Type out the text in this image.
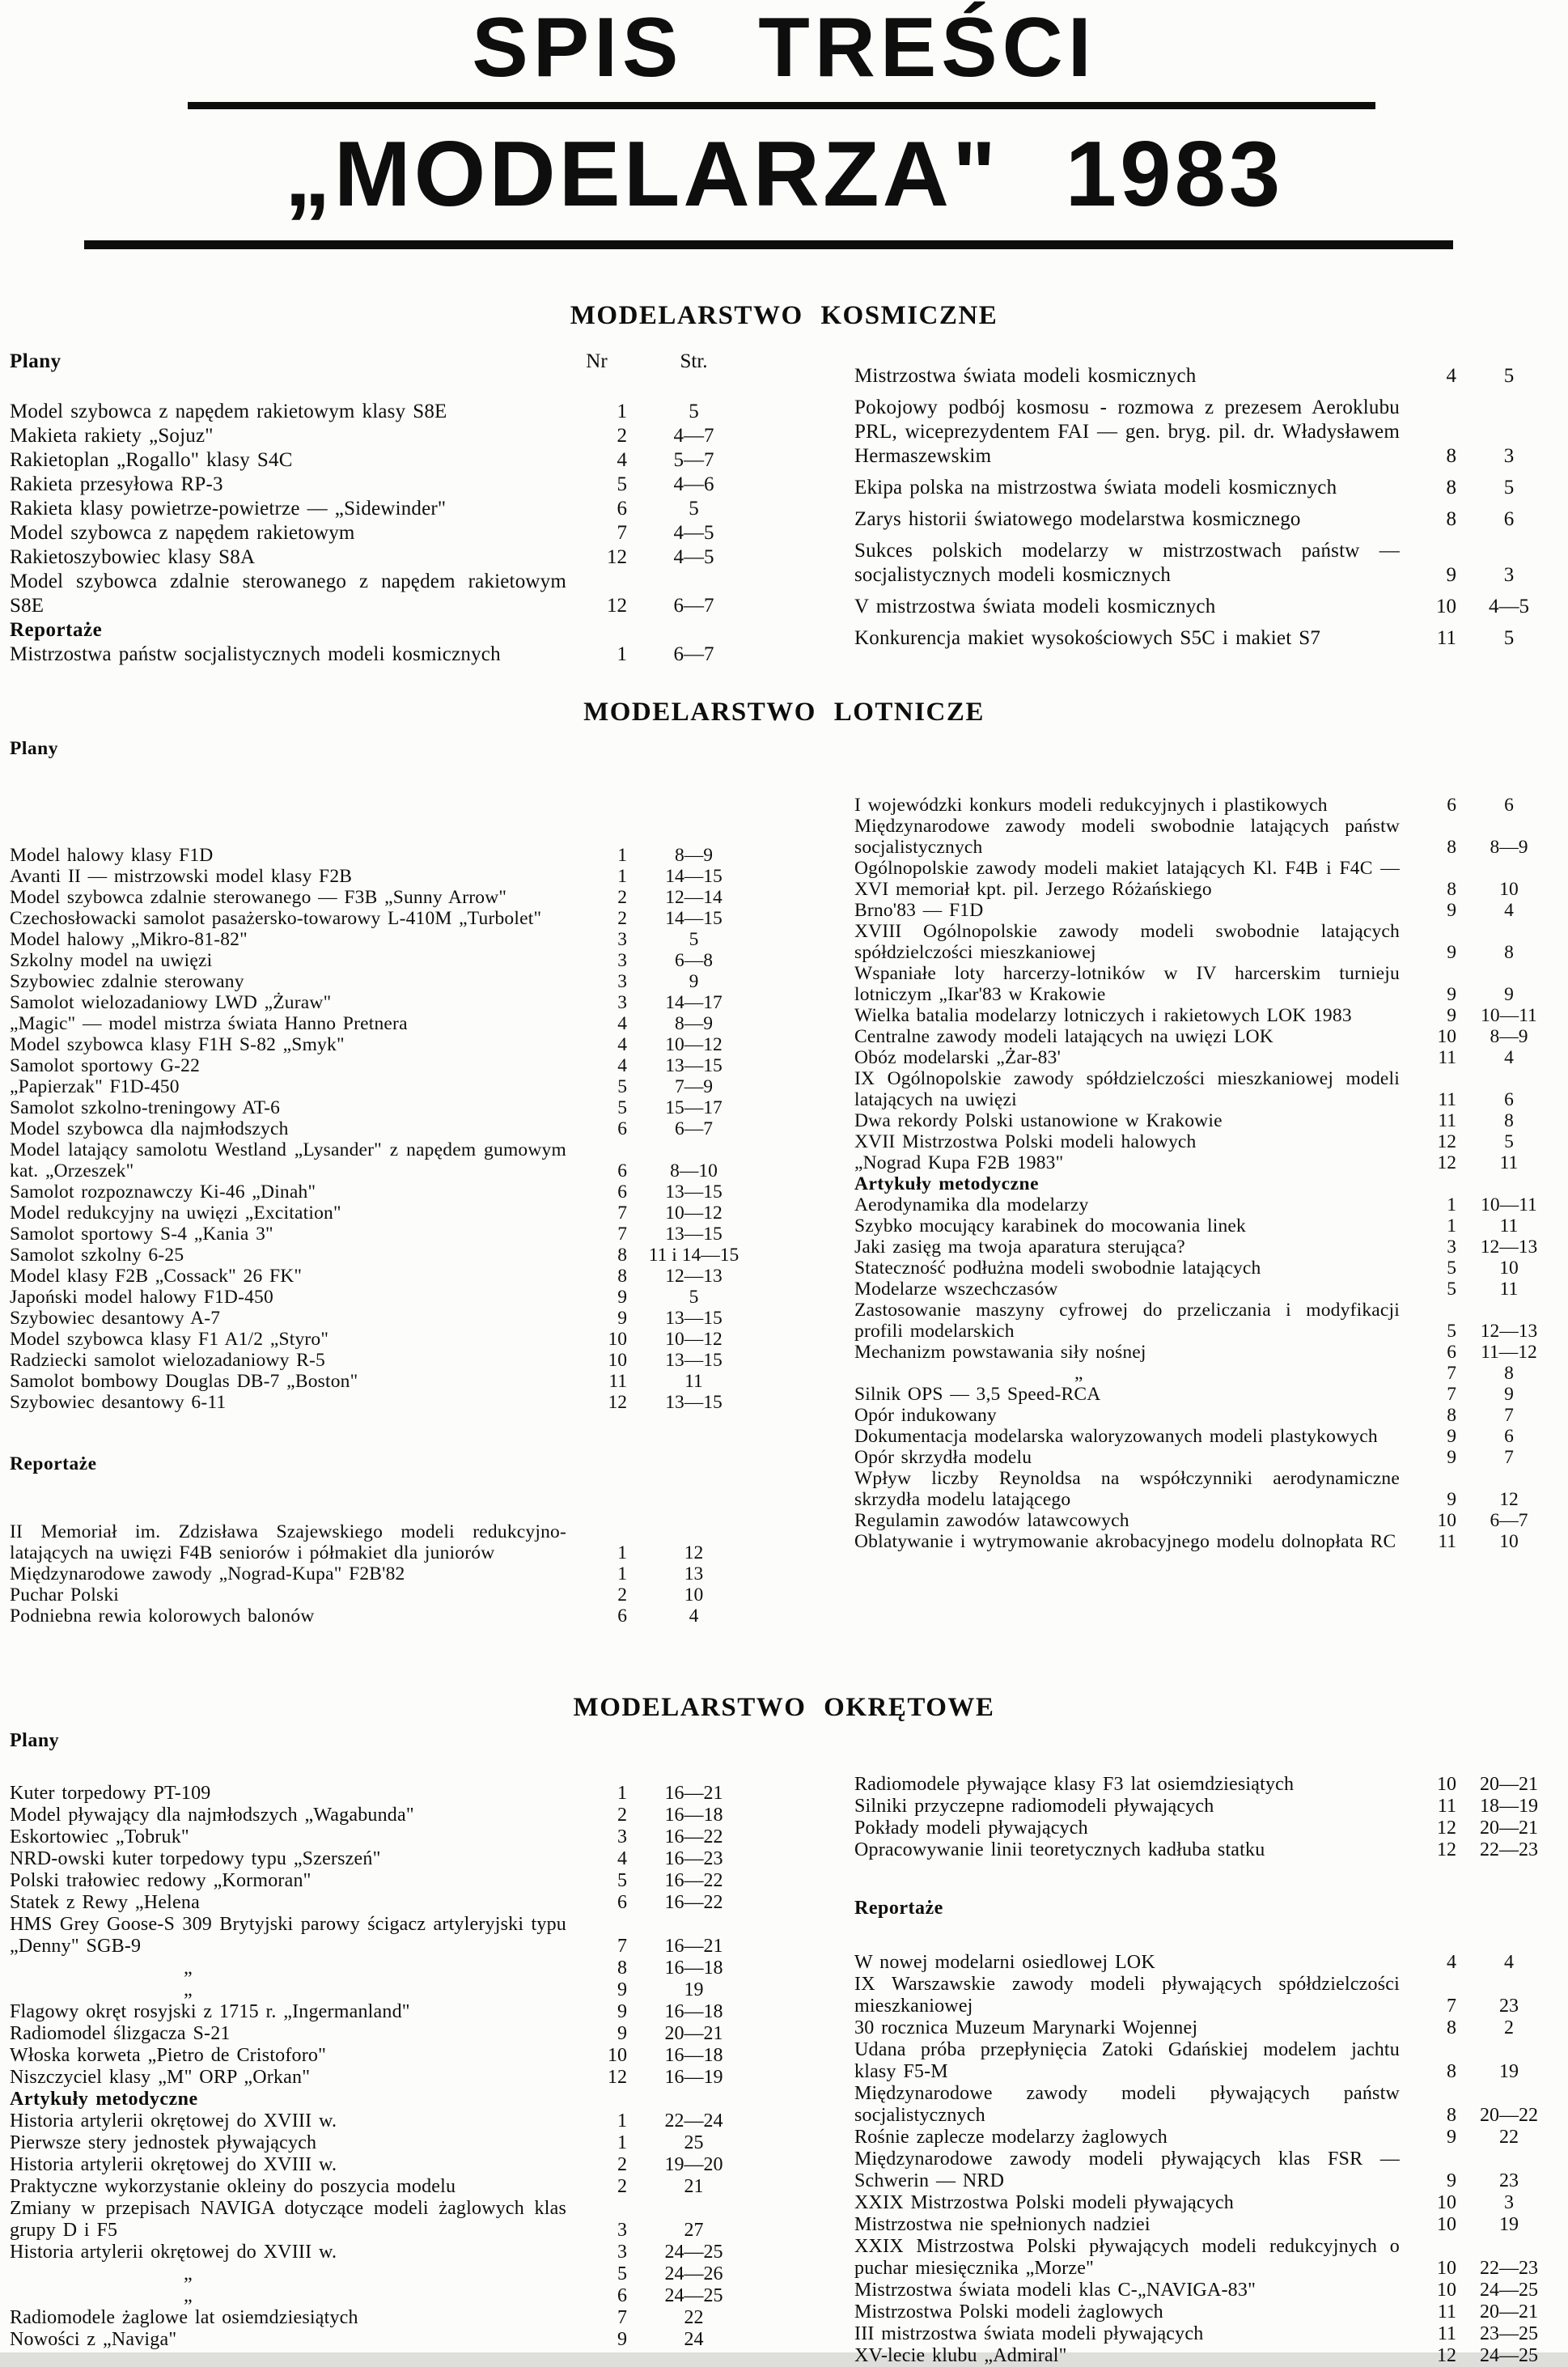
SPIS TREŚCI
„MODELARZA" 1983
MODELARSTWO KOSMICZNE
Plany	Nr	Str.
Model szybowca z napędem rakietowym klasy S8E	1	5
Makieta rakiety „Sojuz"	2	4—7
Rakietoplan „Rogallo" klasy S4C	4	5—7
Rakieta przesyłowa RP-3	5	4—6
Rakieta klasy powietrze-powietrze — „Sidewinder"	6	5
Model szybowca z napędem rakietowym	7	4—5
Rakietoszybowiec klasy S8A	12	4—5
Model szybowca zdalnie sterowanego z napędem rakietowym S8E	12	6—7
Reportaże
Mistrzostwa państw socjalistycznych modeli kosmicznych	1	6—7
Mistrzostwa świata modeli kosmicznych	4	5
Pokojowy podbój kosmosu - rozmowa z prezesem Aeroklubu PRL, wiceprezydentem FAI — gen. bryg. pil. dr. Władysławem Hermaszewskim	8	3
Ekipa polska na mistrzostwa świata modeli kosmicznych	8	5
Zarys historii światowego modelarstwa kosmicznego	8	6
Sukces polskich modelarzy w mistrzostwach państw — socjalistycznych modeli kosmicznych	9	3
V mistrzostwa świata modeli kosmicznych	10	4—5
Konkurencja makiet wysokościowych S5C i makiet S7	11	5
MODELARSTWO LOTNICZE
Plany
Model halowy klasy F1D	1	8—9
Avanti II — mistrzowski model klasy F2B	1	14—15
Model szybowca zdalnie sterowanego — F3B „Sunny Arrow"	2	12—14
Czechosłowacki samolot pasażersko-towarowy L-410M „Turbolet"	2	14—15
Model halowy „Mikro-81-82"	3	5
Szkolny model na uwięzi	3	6—8
Szybowiec zdalnie sterowany	3	9
Samolot wielozadaniowy LWD „Żuraw"	3	14—17
„Magic" — model mistrza świata Hanno Pretnera	4	8—9
Model szybowca klasy F1H S-82 „Smyk"	4	10—12
Samolot sportowy G-22	4	13—15
„Papierzak" F1D-450	5	7—9
Samolot szkolno-treningowy AT-6	5	15—17
Model szybowca dla najmłodszych	6	6—7
Model latający samolotu Westland „Lysander" z napędem gumowym kat. „Orzeszek"	6	8—10
Samolot rozpoznawczy Ki-46 „Dinah"	6	13—15
Model redukcyjny na uwięzi „Excitation"	7	10—12
Samolot sportowy S-4 „Kania 3"	7	13—15
Samolot szkolny 6-25	8	11 i 14—15
Model klasy F2B „Cossack" 26 FK"	8	12—13
Japoński model halowy F1D-450	9	5
Szybowiec desantowy A-7	9	13—15
Model szybowca klasy F1 A1/2 „Styro"	10	10—12
Radziecki samolot wielozadaniowy R-5	10	13—15
Samolot bombowy Douglas DB-7 „Boston"	11	11
Szybowiec desantowy 6-11	12	13—15
Reportaże
II Memoriał im. Zdzisława Szajewskiego modeli redukcyjno-latających na uwięzi F4B seniorów i półmakiet dla juniorów	1	12
Międzynarodowe zawody „Nograd-Kupa" F2B'82	1	13
Puchar Polski	2	10
Podniebna rewia kolorowych balonów	6	4
I wojewódzki konkurs modeli redukcyjnych i plastikowych	6	6
Międzynarodowe zawody modeli swobodnie latających państw socjalistycznych	8	8—9
Ogólnopolskie zawody modeli makiet latających Kl. F4B i F4C — XVI memoriał kpt. pil. Jerzego Różańskiego	8	10
Brno'83 — F1D	9	4
XVIII Ogólnopolskie zawody modeli swobodnie latających spółdzielczości mieszkaniowej	9	8
Wspaniałe loty harcerzy-lotników w IV harcerskim turnieju lotniczym „Ikar'83 w Krakowie	9	9
Wielka batalia modelarzy lotniczych i rakietowych LOK 1983	9	10—11
Centralne zawody modeli latających na uwięzi LOK	10	8—9
Obóz modelarski „Żar-83'	11	4
IX Ogólnopolskie zawody spółdzielczości mieszkaniowej modeli latających na uwięzi	11	6
Dwa rekordy Polski ustanowione w Krakowie	11	8
XVII Mistrzostwa Polski modeli halowych	12	5
„Nograd Kupa F2B 1983"	12	11
Artykuły metodyczne
Aerodynamika dla modelarzy	1	10—11
Szybko mocujący karabinek do mocowania linek	1	11
Jaki zasięg ma twoja aparatura sterująca?	3	12—13
Stateczność podłużna modeli swobodnie latających	5	10
Modelarze wszechczasów	5	11
Zastosowanie maszyny cyfrowej do przeliczania i modyfikacji profili modelarskich	5	12—13
Mechanizm powstawania siły nośnej	6	11—12
„	7	8
Silnik OPS — 3,5 Speed-RCA	7	9
Opór indukowany	8	7
Dokumentacja modelarska waloryzowanych modeli plastykowych	9	6
Opór skrzydła modelu	9	7
Wpływ liczby Reynoldsa na współczynniki aerodynamiczne skrzydła modelu latającego	9	12
Regulamin zawodów latawcowych	10	6—7
Oblatywanie i wytrymowanie akrobacyjnego modelu dolnopłata RC	11	10
MODELARSTWO OKRĘTOWE
Plany
Kuter torpedowy PT-109	1	16—21
Model pływający dla najmłodszych „Wagabunda"	2	16—18
Eskortowiec „Tobruk"	3	16—22
NRD-owski kuter torpedowy typu „Szerszeń"	4	16—23
Polski trałowiec redowy „Kormoran"	5	16—22
Statek z Rewy „Helena	6	16—22
HMS Grey Goose-S 309 Brytyjski parowy ścigacz artyleryjski typu „Denny" SGB-9	7	16—21
„	8	16—18
„	9	19
Flagowy okręt rosyjski z 1715 r. „Ingermanland"	9	16—18
Radiomodel ślizgacza S-21	9	20—21
Włoska korweta „Pietro de Cristoforo"	10	16—18
Niszczyciel klasy „M" ORP „Orkan"	12	16—19
Artykuły metodyczne
Historia artylerii okrętowej do XVIII w.	1	22—24
Pierwsze stery jednostek pływających	1	25
Historia artylerii okrętowej do XVIII w.	2	19—20
Praktyczne wykorzystanie okleiny do poszycia modelu	2	21
Zmiany w przepisach NAVIGA dotyczące modeli żaglowych klas grupy D i F5	3	27
Historia artylerii okrętowej do XVIII w.	3	24—25
„	5	24—26
„	6	24—25
Radiomodele żaglowe lat osiemdziesiątych	7	22
Nowości z „Naviga"	9	24
Radiomodele pływające klasy F3 lat osiemdziesiątych	10	20—21
Silniki przyczepne radiomodeli pływających	11	18—19
Pokłady modeli pływających	12	20—21
Opracowywanie linii teoretycznych kadłuba statku	12	22—23
Reportaże
W nowej modelarni osiedlowej LOK	4	4
IX Warszawskie zawody modeli pływających spółdzielczości mieszkaniowej	7	23
30 rocznica Muzeum Marynarki Wojennej	8	2
Udana próba przepłynięcia Zatoki Gdańskiej modelem jachtu klasy F5-M	8	19
Międzynarodowe zawody modeli pływających państw socjalistycznych	8	20—22
Rośnie zaplecze modelarzy żaglowych	9	22
Międzynarodowe zawody modeli pływających klas FSR — Schwerin — NRD	9	23
XXIX Mistrzostwa Polski modeli pływających	10	3
Mistrzostwa nie spełnionych nadziei	10	19
XXIX Mistrzostwa Polski pływających modeli redukcyjnych o puchar miesięcznika „Morze"	10	22—23
Mistrzostwa świata modeli klas C-„NAVIGA-83"	10	24—25
Mistrzostwa Polski modeli żaglowych	11	20—21
III mistrzostwa świata modeli pływających	11	23—25
XV-lecie klubu „Admiral"	12	24—25
